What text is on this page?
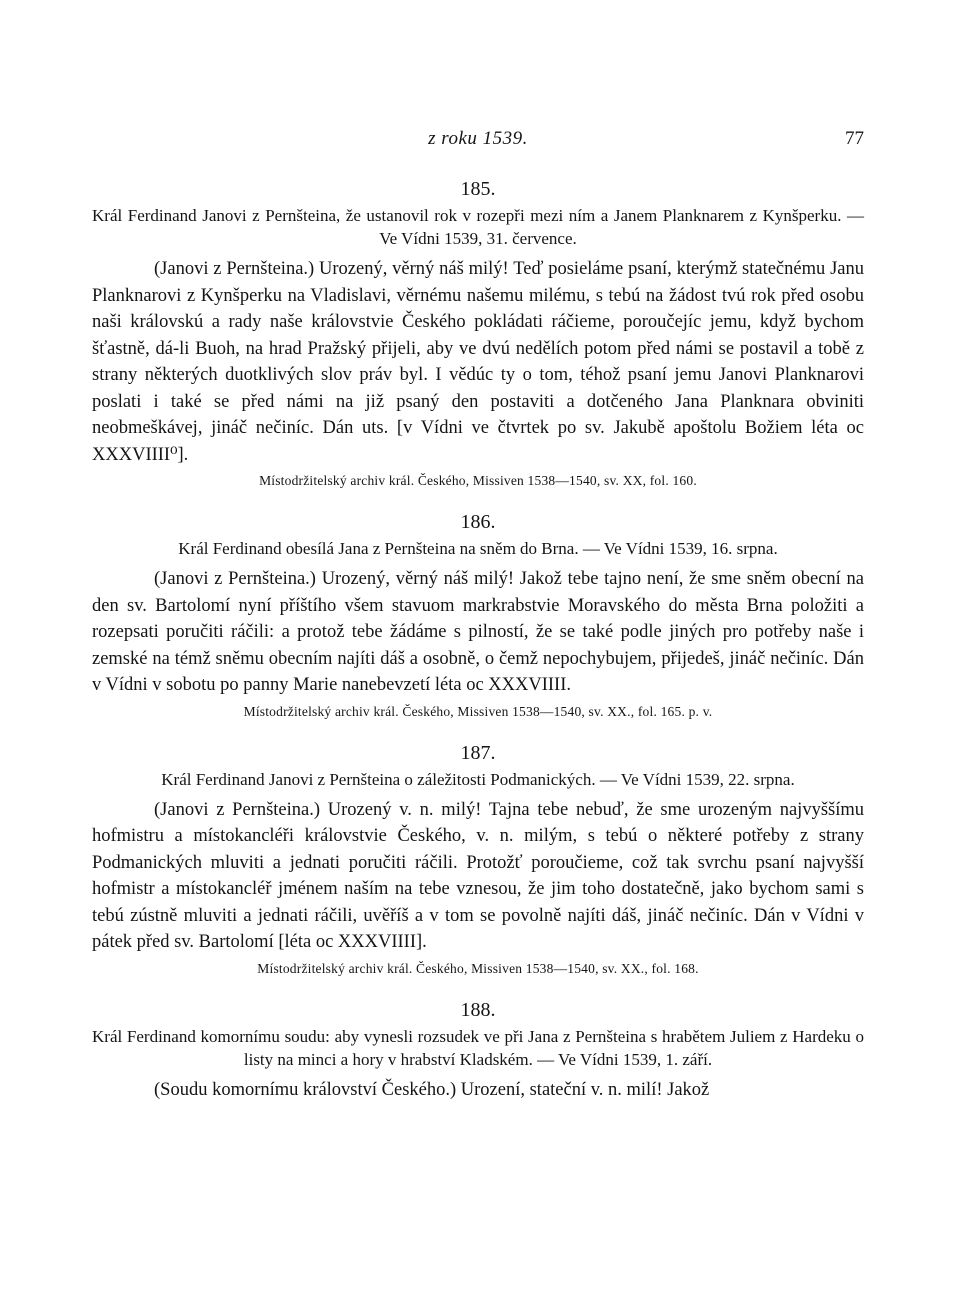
z roku 1539.	77
185.
Král Ferdinand Janovi z Pernšteina, že ustanovil rok v rozepři mezi ním a Janem Planknarem z Kynšperku. — Ve Vídni 1539, 31. července.
(Janovi z Pernšteina.) Urozený, věrný náš milý! Teď posieláme psaní, kterýmž statečnému Janu Planknarovi z Kynšperku na Vladislavi, věrnému našemu milému, s tebú na žádost tvú rok před osobu naši královskú a rady naše královstvie Českého pokládati ráčieme, poroučejíc jemu, když bychom šťastně, dá-li Buoh, na hrad Pražský přijeli, aby ve dvú nedělích potom před námi se postavil a tobě z strany některých duotklivých slov práv byl. I vědúc ty o tom, téhož psaní jemu Janovi Planknarovi poslati i také se před námi na již psaný den postaviti a dotčeného Jana Planknara obviniti neobmeškávej, jináč nečiníc. Dán uts. [v Vídni ve čtvrtek po sv. Jakubě apoštolu Božiem léta oc XXXVIIII⁰].
Místodržitelský archiv král. Českého, Missiven 1538—1540, sv. XX, fol. 160.
186.
Král Ferdinand obesílá Jana z Pernšteina na sněm do Brna. — Ve Vídni 1539, 16. srpna.
(Janovi z Pernšteina.) Urozený, věrný náš milý! Jakož tebe tajno není, že sme sněm obecní na den sv. Bartolomí nyní příštího všem stavuom markrabstvie Moravského do města Brna položiti a rozepsati poručiti ráčili: a protož tebe žádáme s pilností, že se také podle jiných pro potřeby naše i zemské na témž sněmu obecním najíti dáš a osobně, o čemž nepochybujem, přijedeš, jináč nečiníc. Dán v Vídni v sobotu po panny Marie nanebevzetí léta oc XXXVIIII.
Místodržitelský archiv král. Českého, Missiven 1538—1540, sv. XX., fol. 165. p. v.
187.
Král Ferdinand Janovi z Pernšteina o záležitosti Podmanických. — Ve Vídni 1539, 22. srpna.
(Janovi z Pernšteina.) Urozený v. n. milý! Tajna tebe nebuď, že sme urozeným najvyššímu hofmistru a místokancléři královstvie Českého, v. n. milým, s tebú o některé potřeby z strany Podmanických mluviti a jednati poručiti ráčili. Protožť poroučieme, což tak svrchu psaní najvyšší hofmistr a místokancléř jménem naším na tebe vznesou, že jim toho dostatečně, jako bychom sami s tebú zústně mluviti a jednati ráčili, uvěříš a v tom se povolně najíti dáš, jináč nečiníc. Dán v Vídni v pátek před sv. Bartolomí [léta oc XXXVIIII].
Místodržitelský archiv král. Českého, Missiven 1538—1540, sv. XX., fol. 168.
188.
Král Ferdinand komornímu soudu: aby vynesli rozsudek ve při Jana z Pernšteina s hrabětem Juliem z Hardeku o listy na minci a hory v hrabství Kladském. — Ve Vídni 1539, 1. září.
(Soudu komornímu království Českého.) Urození, stateční v. n. milí! Jakož
